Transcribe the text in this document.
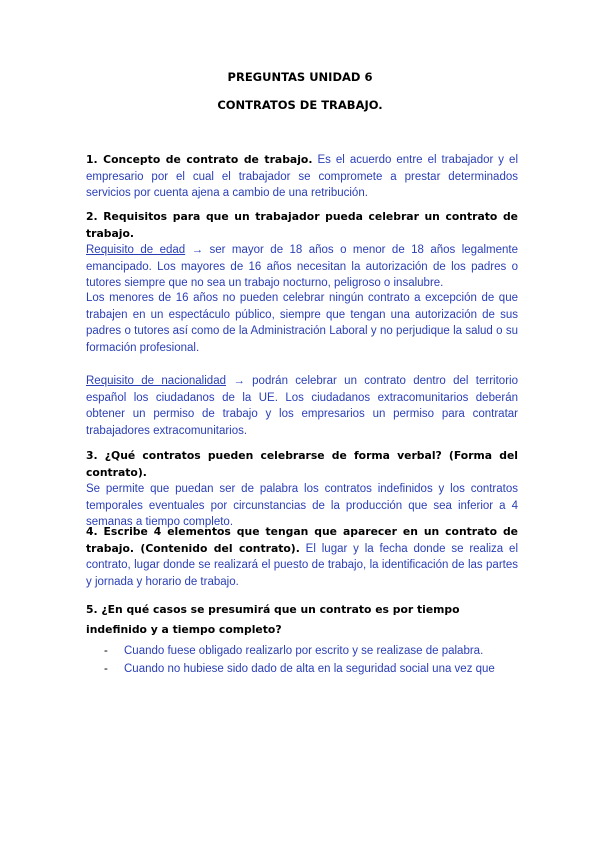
PREGUNTAS UNIDAD 6
CONTRATOS DE TRABAJO.
1. Concepto de contrato de trabajo. Es el acuerdo entre el trabajador y el empresario por el cual el trabajador se compromete a prestar determinados servicios por cuenta ajena a cambio de una retribución.
2. Requisitos para que un trabajador pueda celebrar un contrato de trabajo.
Requisito de edad → ser mayor de 18 años o menor de 18 años legalmente emancipado. Los mayores de 16 años necesitan la autorización de los padres o tutores siempre que no sea un trabajo nocturno, peligroso o insalubre.
Los menores de 16 años no pueden celebrar ningún contrato a excepción de que trabajen en un espectáculo público, siempre que tengan una autorización de sus padres o tutores así como de la Administración Laboral y no perjudique la salud o su formación profesional.
Requisito de nacionalidad → podrán celebrar un contrato dentro del territorio español los ciudadanos de la UE. Los ciudadanos extracomunitarios deberán obtener un permiso de trabajo y los empresarios un permiso para contratar trabajadores extracomunitarios.
3. ¿Qué contratos pueden celebrarse de forma verbal? (Forma del contrato).
Se permite que puedan ser de palabra los contratos indefinidos y los contratos temporales eventuales por circunstancias de la producción que sea inferior a 4 semanas a tiempo completo.
4. Escribe 4 elementos que tengan que aparecer en un contrato de trabajo. (Contenido del contrato). El lugar y la fecha donde se realiza el contrato, lugar donde se realizará el puesto de trabajo, la identificación de las partes y jornada y horario de trabajo.
5. ¿En qué casos se presumirá que un contrato es por tiempo indefinido y a tiempo completo?
- Cuando fuese obligado realizarlo por escrito y se realizase de palabra.
- Cuando no hubiese sido dado de alta en la seguridad social una vez que
